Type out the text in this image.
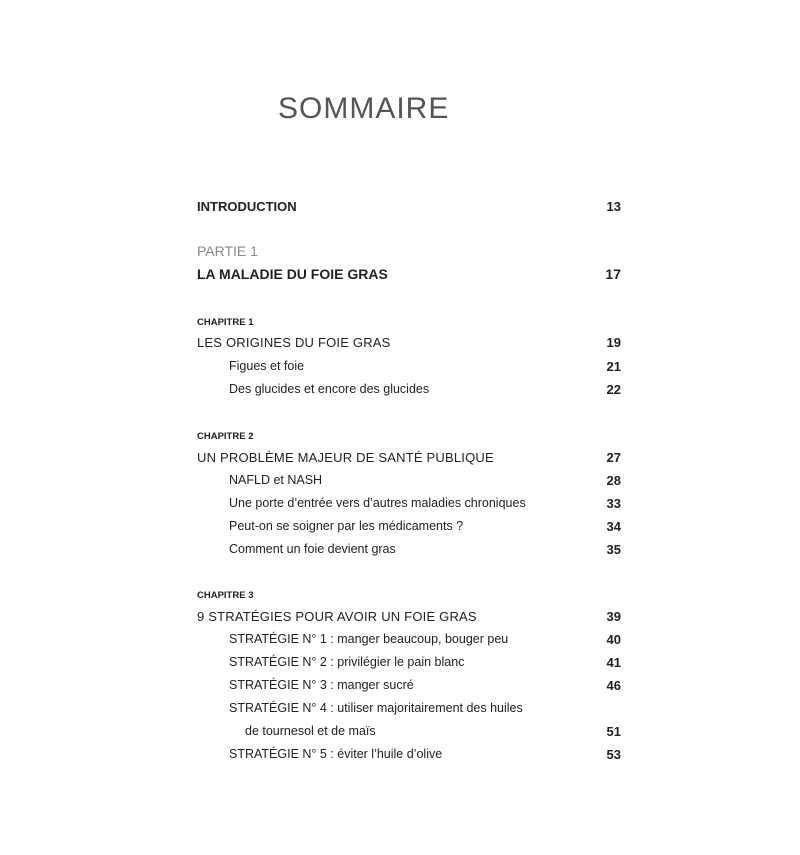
SOMMAIRE
INTRODUCTION	13
PARTIE 1
LA MALADIE DU FOIE GRAS	17
CHAPITRE 1
LES ORIGINES DU FOIE GRAS	19
Figues et foie	21
Des glucides et encore des glucides	22
CHAPITRE 2
UN PROBLÈME MAJEUR DE SANTÉ PUBLIQUE	27
NAFLD et NASH	28
Une porte d’entrée vers d’autres maladies chroniques	33
Peut-on se soigner par les médicaments ?	34
Comment un foie devient gras	35
CHAPITRE 3
9 STRATÉGIES POUR AVOIR UN FOIE GRAS	39
STRATÉGIE N° 1 : manger beaucoup, bouger peu	40
STRATÉGIE N° 2 : privilégier le pain blanc	41
STRATÉGIE N° 3 : manger sucré	46
STRATÉGIE N° 4 : utiliser majoritairement des huiles
de tournesol et de maïs	51
STRATÉGIE N° 5 : éviter l’huile d’olive	53
